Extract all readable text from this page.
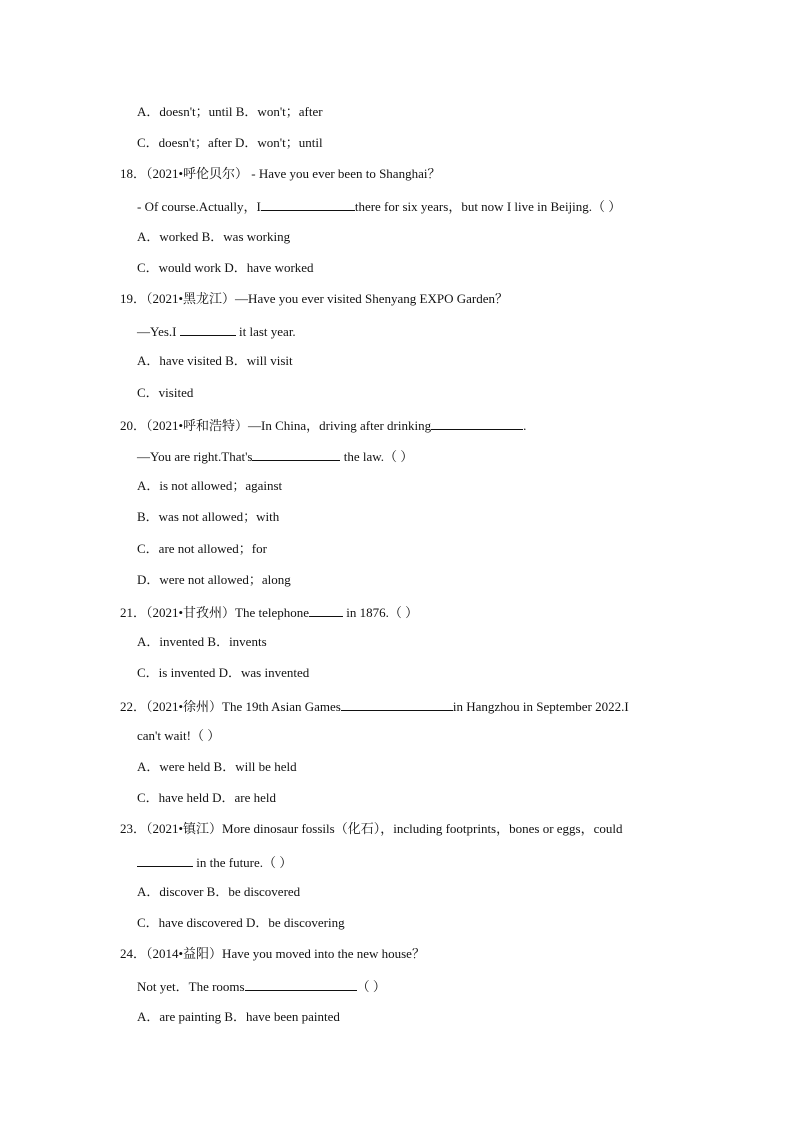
A．doesn't；until B．won't；after
C．doesn't；after D．won't；until
18．（2021•呼伦贝尔） - Have you ever been to Shanghai？
- Of course.Actually，I	there for six years，but now I live in Beijing.（ ）
A．worked B．was working
C．would work D．have worked
19．（2021•黑龙江）—Have you ever visited Shenyang EXPO Garden？
—Yes.I	it last year.
A．have visited B．will visit
C．visited
20．（2021•呼和浩特）—In China，driving after drinking	.
—You are right.That's	the law.（ ）
A．is not allowed；against
B．was not allowed；with
C．are not allowed；for
D．were not allowed；along
21．（2021•甘孜州）The telephone	in 1876.（ ）
A．invented B．invents
C．is invented D．was invented
22．（2021•徐州）The 19th Asian Games	in Hangzhou in September 2022.I
can't wait!（ ）
A．were held B．will be held
C．have held D．are held
23．（2021•镇江）More dinosaur fossils（化石），including footprints，bones or eggs，could
in the future.（ ）
A．discover B．be discovered
C．have discovered D．be discovering
24．（2014•益阳）Have you moved into the new house？
Not yet．The rooms	（ ）
A．are painting B．have been painted
